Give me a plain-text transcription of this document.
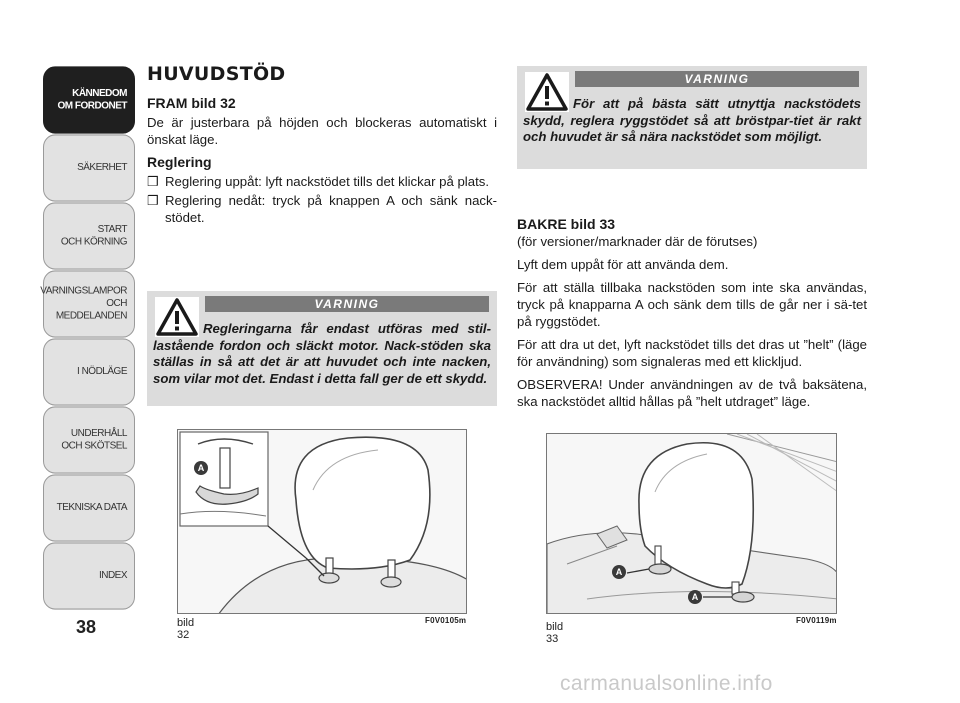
KÄNNEDOM
OM FORDONET
SÄKERHET
START
OCH KÖRNING
VARNINGSLAMPOR
OCH
MEDDELANDEN
I NÖDLÄGE
UNDERHÅLL
OCH SKÖTSEL
TEKNISKA DATA
INDEX
38
HUVUDSTÖD
FRAM bild 32
De är justerbara på höjden och blockeras automatiskt i önskat läge.
Reglering
❒ Reglering uppåt: lyft nackstödet tills det klickar på plats.
❒ Reglering nedåt: tryck på knappen A och sänk nack-stödet.
VARNING
Regleringarna får endast utföras med stil-lastående fordon och släckt motor. Nack-stöden ska ställas in så att det är att huvudet och inte nacken, som vilar mot det. Endast i detta fall ger de ett skydd.
VARNING
För att på bästa sätt utnyttja nackstödets skydd, reglera ryggstödet så att bröstpar-tiet är rakt och huvudet är så nära nackstödet som möjligt.
BAKRE bild 33
(för versioner/marknader där de förutses)
Lyft dem uppåt för att använda dem.
För att ställa tillbaka nackstöden som inte ska användas, tryck på knapparna A och sänk dem tills de går ner i sä-tet på ryggstödet.
För att dra ut det, lyft nackstödet tills det dras ut ”helt” (läge för användning) som signaleras med ett klickljud.
OBSERVERA! Under användningen av de två baksätena, ska nackstödet alltid hållas på ”helt utdraget” läge.
A
bild 32
F0V0105m
A
A
bild 33
F0V0119m
carmanualsonline.info
